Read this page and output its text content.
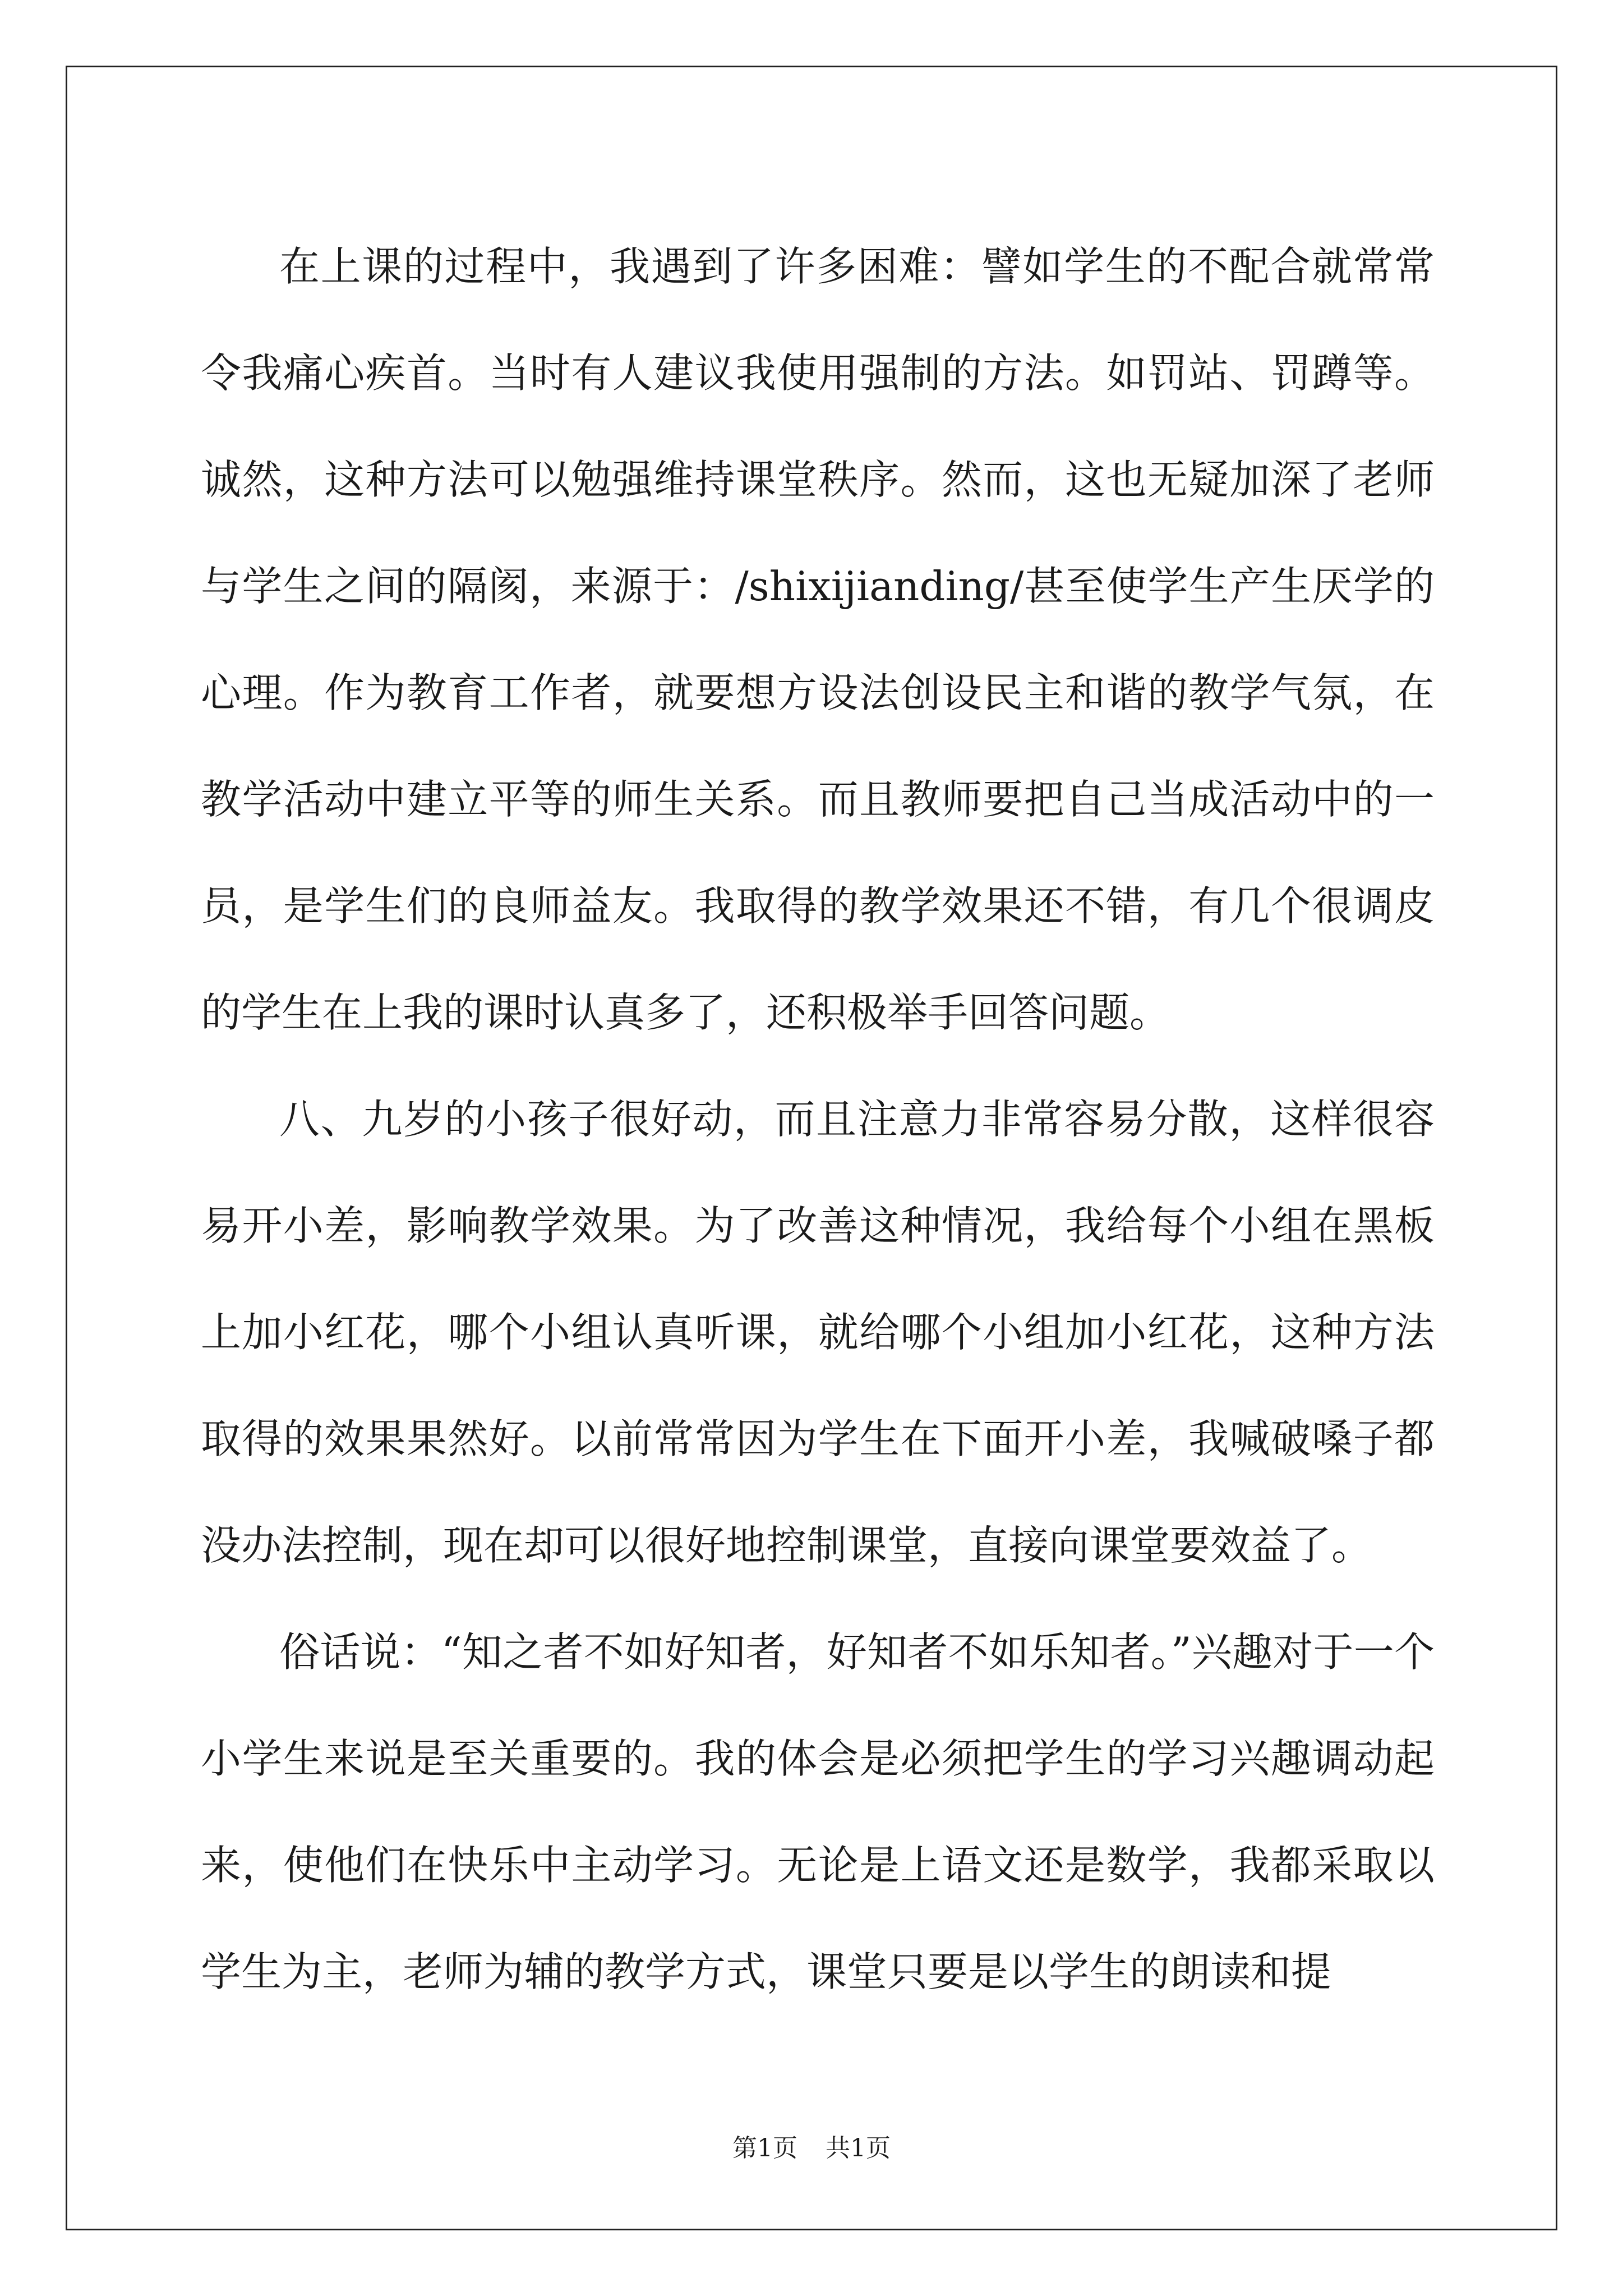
在上课的过程中，我遇到了许多困难：譬如学生的不配合就常常令我痛心疾首。当时有人建议我使用强制的方法。如罚站、罚蹲等。诚然，这种方法可以勉强维持课堂秩序。然而，这也无疑加深了老师与学生之间的隔阂，来源于：/shixijianding/甚至使学生产生厌学的心理。作为教育工作者，就要想方设法创设民主和谐的教学气氛，在教学活动中建立平等的师生关系。而且教师要把自己当成活动中的一员，是学生们的良师益友。我取得的教学效果还不错，有几个很调皮的学生在上我的课时认真多了，还积极举手回答问题。

八、九岁的小孩子很好动，而且注意力非常容易分散，这样很容易开小差，影响教学效果。为了改善这种情况，我给每个小组在黑板上加小红花，哪个小组认真听课，就给哪个小组加小红花，这种方法取得的效果果然好。以前常常因为学生在下面开小差，我喊破嗓子都没办法控制，现在却可以很好地控制课堂，直接向课堂要效益了。

俗话说：“知之者不如好知者，好知者不如乐知者。”兴趣对于一个小学生来说是至关重要的。我的体会是必须把学生的学习兴趣调动起来，使他们在快乐中主动学习。无论是上语文还是数学，我都采取以学生为主，老师为辅的教学方式，课堂只要是以学生的朗读和提

第1页 共1页
